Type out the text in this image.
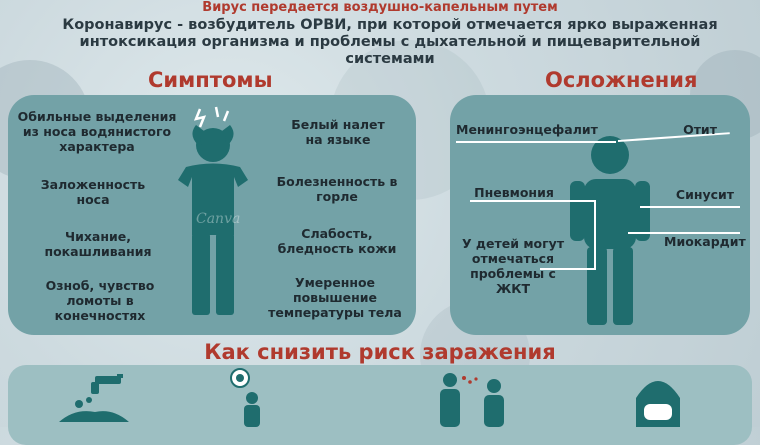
Вирус передается воздушно-капельным путем
Коронавирус - возбудитель ОРВИ, при которой отмечается ярко выраженная
интоксикация организма и проблемы с дыхательной и пищеварительной системами
Симптомы
Canva
Обильные выделения из носа водянистого характера
Заложенность носа
Чихание, покашливания
Озноб, чувство ломоты в конечностях
Белый налет на языке
Болезненность в горле
Слабость, бледность кожи
Умеренное повышение температуры тела
Осложнения
Менингоэнцефалит	Отит
Пневмония	Синусит
У детей могут отмечаться проблемы с ЖКТ
Миокардит
Как снизить риск заражения
